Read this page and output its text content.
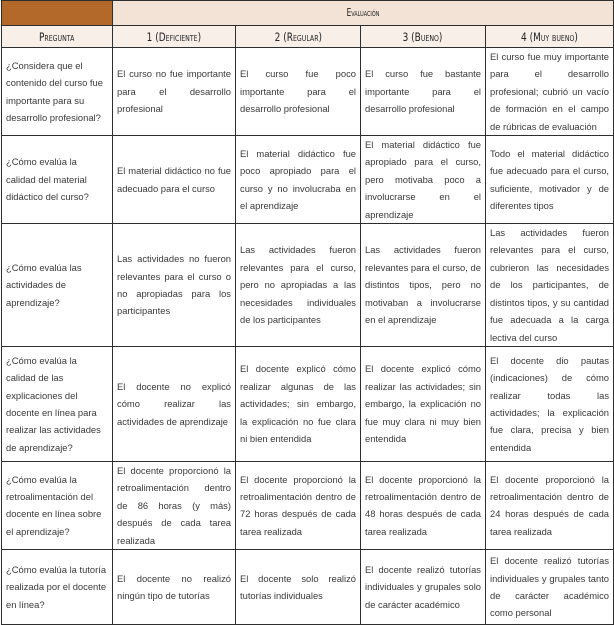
	Evaluación			
Pregunta	1 (Deficiente)	2 (Regular)	3 (Bueno)	4 (Muy bueno)
¿Considera que el contenido del curso fue importante para su desarrollo profesional?	El curso no fue importante para el desarrollo profesional	El curso fue poco importante para el desarrollo profesional	El curso fue bastante importante para el desarrollo profesional	El curso fue muy importante para el desarrollo profesional; cubrió un vacío de formación en el campo de rúbricas de evaluación
¿Cómo evalúa la calidad del material didáctico del curso?	El material didáctico no fue adecuado para el curso	El material didáctico fue poco apropiado para el curso y no involucraba en el aprendizaje	El material didáctico fue apropiado para el curso, pero motivaba poco a involucrarse en el aprendizaje	Todo el material didáctico fue adecuado para el curso, suficiente, motivador y de diferentes tipos
¿Cómo evalúa las actividades de aprendizaje?	Las actividades no fueron relevantes para el curso o no apropiadas para los participantes	Las actividades fueron relevantes para el curso, pero no apropiadas a las necesidades individuales de los participantes	Las actividades fueron relevantes para el curso, de distintos tipos, pero no motivaban a involucrarse en el aprendizaje	Las actividades fueron relevantes para el curso, cubrieron las necesidades de los participantes, de distintos tipos, y su cantidad fue adecuada a la carga lectiva del curso
¿Cómo evalúa la calidad de las explicaciones del docente en línea para realizar las actividades de aprendizaje?	El docente no explicó cómo realizar las actividades de aprendizaje	El docente explicó cómo realizar algunas de las actividades; sin embargo, la explicación no fue clara ni bien entendida	El docente explicó cómo realizar las actividades; sin embargo, la explicación no fue muy clara ni muy bien entendida	El docente dio pautas (indicaciones) de cómo realizar todas las actividades; la explicación fue clara, precisa y bien entendida
¿Cómo evalúa la retroalimentación del docente en línea sobre el aprendizaje?	El docente proporcionó la retroalimentación dentro de 86 horas (y más) después de cada tarea realizada	El docente proporcionó la retroalimentación dentro de 72 horas después de cada tarea realizada	El docente proporcionó la retroalimentación dentro de 48 horas después de cada tarea realizada	El docente proporcionó la retroalimentación dentro de 24 horas después de cada tarea realizada
¿Cómo evalúa la tutoría realizada por el docente en línea?	El docente no realizó ningún tipo de tutorías	El docente solo realizó tutorías individuales	El docente realizó tutorías individuales y grupales solo de carácter académico	El docente realizó tutorías individuales y grupales tanto de carácter académico como personal
